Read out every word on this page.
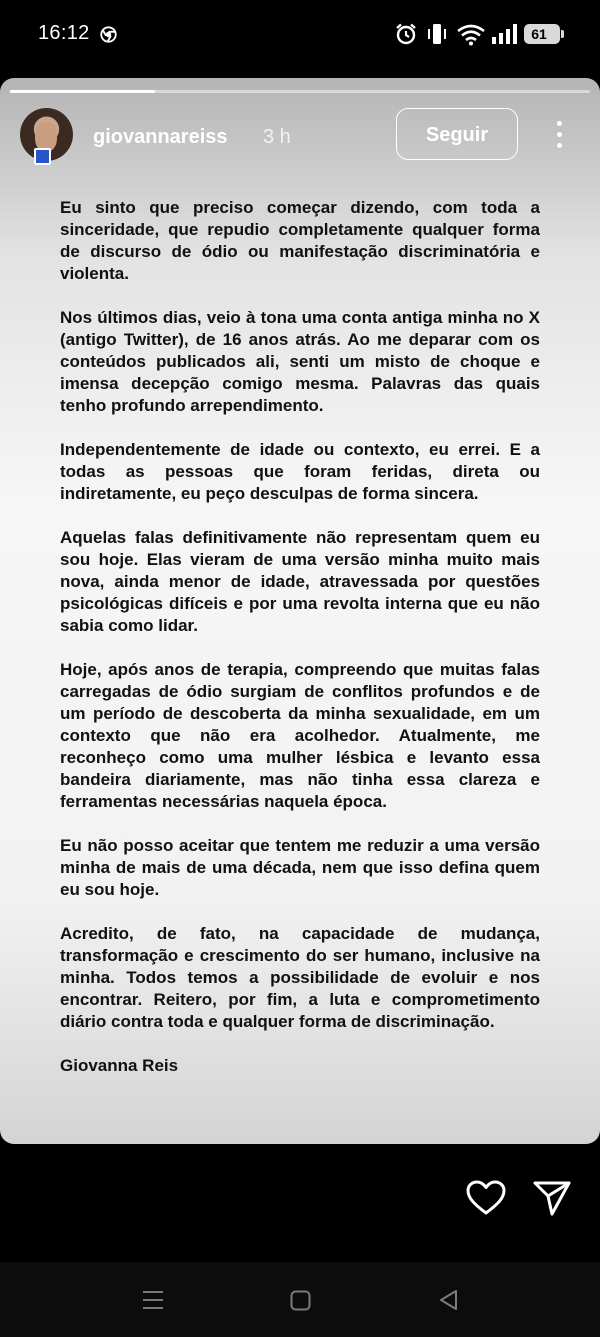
16:12	61
giovannareiss 3 h	Seguir

Eu sinto que preciso começar dizendo, com toda a sinceridade, que repudio completamente qualquer forma de discurso de ódio ou manifestação discriminatória e violenta.

Nos últimos dias, veio à tona uma conta antiga minha no X (antigo Twitter), de 16 anos atrás. Ao me deparar com os conteúdos publicados ali, senti um misto de choque e imensa decepção comigo mesma. Palavras das quais tenho profundo arrependimento.

Independentemente de idade ou contexto, eu errei. E a todas as pessoas que foram feridas, direta ou indiretamente, eu peço desculpas de forma sincera.

Aquelas falas definitivamente não representam quem eu sou hoje. Elas vieram de uma versão minha muito mais nova, ainda menor de idade, atravessada por questões psicológicas difíceis e por uma revolta interna que eu não sabia como lidar.

Hoje, após anos de terapia, compreendo que muitas falas carregadas de ódio surgiam de conflitos profundos e de um período de descoberta da minha sexualidade, em um contexto que não era acolhedor. Atualmente, me reconheço como uma mulher lésbica e levanto essa bandeira diariamente, mas não tinha essa clareza e ferramentas necessárias naquela época.

Eu não posso aceitar que tentem me reduzir a uma versão minha de mais de uma década, nem que isso defina quem eu sou hoje.

Acredito, de fato, na capacidade de mudança, transformação e crescimento do ser humano, inclusive na minha. Todos temos a possibilidade de evoluir e nos encontrar. Reitero, por fim, a luta e comprometimento diário contra toda e qualquer forma de discriminação.

Giovanna Reis
